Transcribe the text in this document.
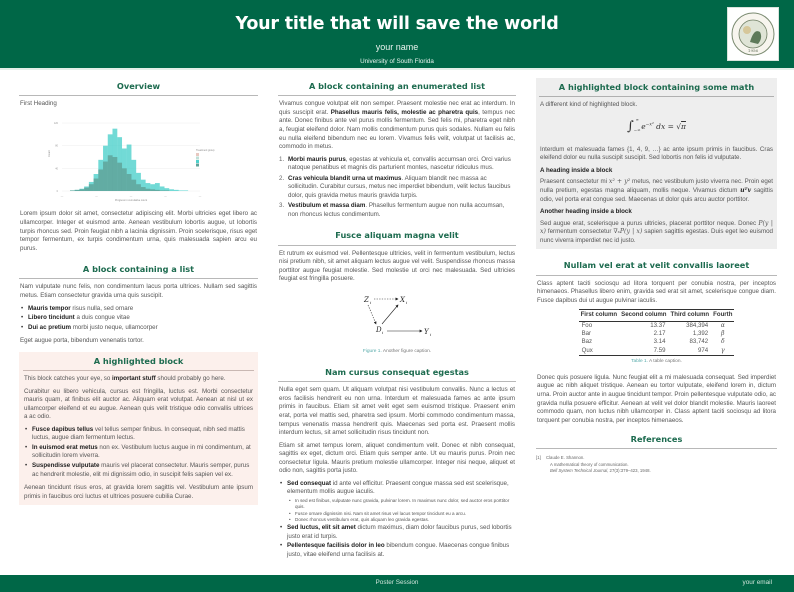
Your title that will save the world
your name
University of South Florida
1956
Overview

First Heading

0
40
80
120
—	—	—	—	—
Progress in cumulative count
Count	Treatment group

Lorem ipsum dolor sit amet, consectetur adipiscing elit. Morbi ultricies eget libero ac ullamcorper. Integer et euismod ante. Aenean vestibulum lobortis augue, ut lobortis turpis rhoncus sed. Proin feugiat nibh a lacinia dignissim. Proin scelerisque, risus eget tempor fermentum, ex turpis condimentum urna, quis malesuada sapien arcu eu purus.

A block containing a list

Nam vulputate nunc felis, non condimentum lacus porta ultrices. Nullam sed sagittis metus. Etiam consectetur gravida urna quis suscipit.

• Mauris tempor risus nulla, sed ornare
• Libero tincidunt a duis congue vitae
• Dui ac pretium morbi justo neque, ullamcorper

Eget augue porta, bibendum venenatis tortor.

A highlighted block

This block catches your eye, so important stuff should probably go here.

Curabitur eu libero vehicula, cursus est fringilla, luctus est. Morbi consectetur mauris quam, at finibus elit auctor ac. Aliquam erat volutpat. Aenean at nisl ut ex ullamcorper eleifend et eu augue. Aenean quis velit tristique odio convallis ultrices a ac odio.

• Fusce dapibus tellus vel tellus semper finibus. In consequat, nibh sed mattis luctus, augue diam fermentum lectus.
• In euismod erat metus non ex. Vestibulum luctus augue in mi condimentum, at sollicitudin lorem viverra.
• Suspendisse vulputate mauris vel placerat consectetur. Mauris semper, purus ac hendrerit molestie, elit mi dignissim odio, in suscipit felis sapien vel ex.

Aenean tincidunt risus eros, at gravida lorem sagittis vel. Vestibulum ante ipsum primis in faucibus orci luctus et ultrices posuere cubilia Curae.

A block containing an enumerated list

Vivamus congue volutpat elit non semper. Praesent molestie nec erat ac interdum. In quis suscipit erat. Phasellus mauris felis, molestie ac pharetra quis, tempus nec ante. Donec finibus ante vel purus mollis fermentum. Sed felis mi, pharetra eget nibh a, feugiat eleifend dolor. Nam mollis condimentum purus quis sodales. Nullam eu felis eu nulla eleifend bibendum nec eu lorem. Vivamus felis velit, volutpat ut facilisis ac, commodo in metus.

1. Morbi mauris purus, egestas at vehicula et, convallis accumsan orci. Orci varius natoque penatibus et magnis dis parturient montes, nascetur ridiculus mus.
2. Cras vehicula blandit urna ut maximus. Aliquam blandit nec massa ac sollicitudin. Curabitur cursus, metus nec imperdiet bibendum, velit lectus faucibus dolor, quis gravida metus mauris gravida turpis.
3. Vestibulum et massa diam. Phasellus fermentum augue non nulla accumsan, non rhoncus lectus condimentum.
Fusce aliquam magna velit

Et rutrum ex euismod vel. Pellentesque ultricies, velit in fermentum vestibulum, lectus nisi pretium nibh, sit amet aliquam lectus augue vel velit. Suspendisse rhoncus massa porttitor augue feugiat molestie. Sed molestie ut orci nec malesuada. Sed ultricies feugiat est fringilla posuere.

Z i	X i
D i	Y i
Figure 1. Another figure caption.
Nam cursus consequat egestas

Nulla eget sem quam. Ut aliquam volutpat nisi vestibulum convallis. Nunc a lectus et eros facilisis hendrerit eu non urna. Interdum et malesuada fames ac ante ipsum primis in faucibus. Etiam sit amet velit eget sem euismod tristique. Praesent enim erat, porta vel mattis sed, pharetra sed ipsum. Morbi commodo condimentum massa, tempus venenatis massa hendrerit quis. Maecenas sed porta est. Praesent mollis interdum lectus, sit amet sollicitudin risus tincidunt non.

Etiam sit amet tempus lorem, aliquet condimentum velit. Donec et nibh consequat, sagittis ex eget, dictum orci. Etiam quis semper ante. Ut eu mauris purus. Proin nec consectetur ligula. Mauris pretium molestie ullamcorper. Integer nisi neque, aliquet et odio non, sagittis porta justo.

• Sed consequat id ante vel efficitur. Praesent congue massa sed est scelerisque, elementum mollis augue iaculis.
• In sed est finibus, vulputate nunc gravida, pulvinar lorem. In maximus nunc dolor, sed auctor eros porttitor quis.
• Fusce ornare dignissim nisi. Nam sit amet risus vel lacus tempor tincidunt eu a arcu.
• Donec rhoncus vestibulum erat, quis aliquam leo gravida egestas.
• Sed luctus, elit sit amet dictum maximus, diam dolor faucibus purus, sed lobortis justo erat id turpis.
• Pellentesque facilisis dolor in leo bibendum congue. Maecenas congue finibus justo, vitae eleifend urna facilisis at.
A highlighted block containing some math

A different kind of highlighted block.

$\int_{-\infty}^\infty$ $e^{-x^2}$ dx = √π

Interdum et malesuada fames {1, 4, 9, …} ac ante ipsum primis in faucibus. Cras eleifend dolor eu nulla suscipit suscipit. Sed lobortis non felis id vulputate.

A heading inside a block

Praesent consectetur mi x² + y² metus, nec vestibulum justo viverra nec. Proin eget nulla pretium, egestas magna aliquam, mollis neque. Vivamus dictum uᵀv sagittis odio, vel porta erat congue sed. Maecenas ut dolor quis arcu auctor porttitor.

Another heading inside a block

Sed augue erat, scelerisque a purus ultricies, placerat porttitor neque. Donec P(y | x) fermentum consectetur ∇ₓP(y | x) sapien sagittis egestas. Duis eget leo euismod nunc viverra imperdiet nec id justo.

Nullam vel erat at velit convallis laoreet

Class aptent taciti sociosqu ad litora torquent per conubia nostra, per inceptos himenaeos. Phasellus libero enim, gravida sed erat sit amet, scelerisque congue diam. Fusce dapibus dui ut augue pulvinar iaculis.

First column	Second column	Third column	Fourth
Foo	13.37	384,394	α
Bar	2.17	1,392	β
Baz	3.14	83,742	δ
Qux	7.59	974	γ
Table 1. A table caption.

Donec quis posuere ligula. Nunc feugiat elit a mi malesuada consequat. Sed imperdiet augue ac nibh aliquet tristique. Aenean eu tortor vulputate, eleifend lorem in, dictum urna. Proin auctor ante in augue tincidunt tempor. Proin pellentesque vulputate odio, ac gravida nulla posuere efficitur. Aenean at velit vel dolor blandit molestie. Mauris laoreet commodo quam, non luctus nibh ullamcorper in. Class aptent taciti sociosqu ad litora torquent per conubia nostra, per inceptos himenaeos.

References
[1] Claude E. Shannon.
A mathematical theory of communication.
Bell System Technical Journal, 27(3):379–423, 1948.
Poster Session	your email
